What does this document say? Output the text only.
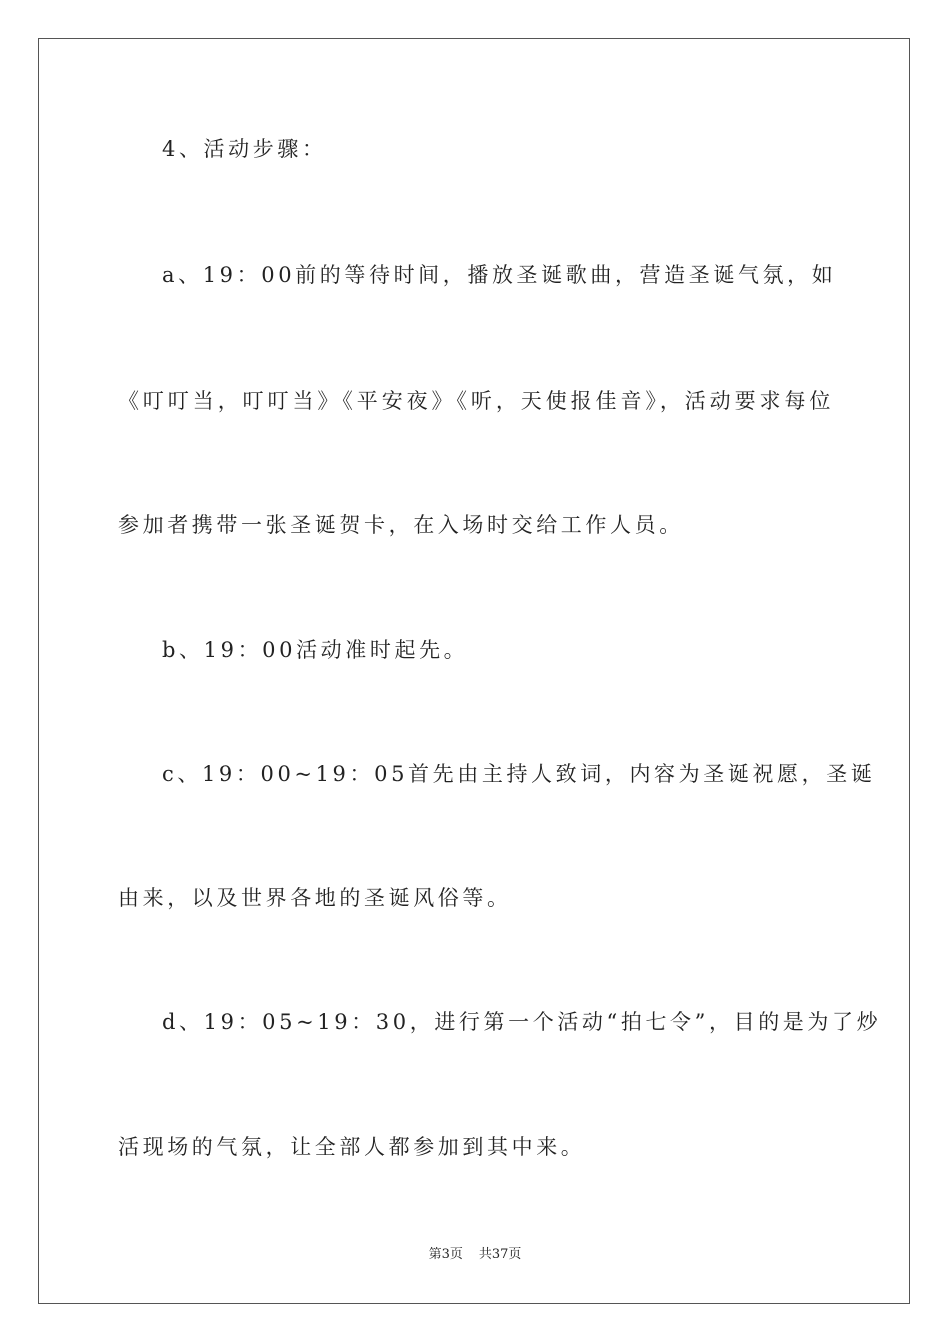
4、活动步骤：
a、19：00前的等待时间，播放圣诞歌曲，营造圣诞气氛，如
《叮叮当，叮叮当》《平安夜》《听，天使报佳音》，活动要求每位
参加者携带一张圣诞贺卡，在入场时交给工作人员。
b、19：00活动准时起先。
c、19：00~19：05首先由主持人致词，内容为圣诞祝愿，圣诞
由来，以及世界各地的圣诞风俗等。
d、19：05~19：30，进行第一个活动“拍七令”，目的是为了炒
活现场的气氛，让全部人都参加到其中来。
第3页 共37页
